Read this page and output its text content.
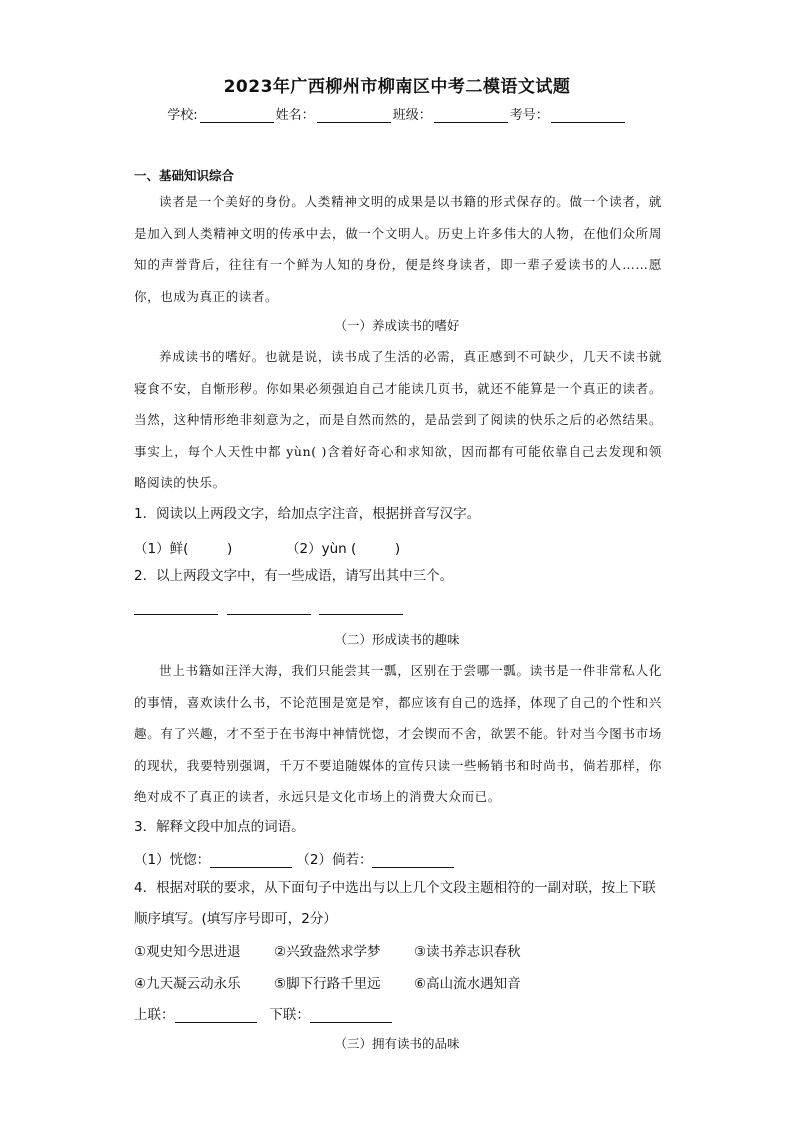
2023年广西柳州市柳南区中考二模语文试题
学校:	姓名：	班级：	考号：
一、基础知识综合
读者是一个美好的身份。人类精神文明的成果是以书籍的形式保存的。做一个读者，就是加入到人类精神文明的传承中去，做一个文明人。历史上许多伟大的人物，在他们众所周知的声誉背后，往往有一个鲜为人知的身份，便是终身读者，即一辈子爱读书的人……愿你，也成为真正的读者。
（一）养成读书的嗜好
养成读书的嗜好。也就是说，读书成了生活的必需，真正感到不可缺少，几天不读书就寝食不安，自惭形秽。你如果必须强迫自己才能读几页书，就还不能算是一个真正的读者。当然，这种情形绝非刻意为之，而是自然而然的，是品尝到了阅读的快乐之后的必然结果。事实上，每个人天性中都 yùn( )含着好奇心和求知欲，因而都有可能依靠自己去发现和领略阅读的快乐。
1．阅读以上两段文字，给加点字注音，根据拼音写汉字。
（1）鲜(         )	（2）yùn (         )
2．以上两段文字中，有一些成语，请写出其中三个。

（二）形成读书的趣味
世上书籍如汪洋大海，我们只能尝其一瓢，区别在于尝哪一瓢。读书是一件非常私人化的事情，喜欢读什么书，不论范围是宽是窄，都应该有自己的选择，体现了自己的个性和兴趣。有了兴趣，才不至于在书海中神情恍惚，才会锲而不舍，欲罢不能。针对当今图书市场的现状，我要特别强调，千万不要追随媒体的宣传只读一些畅销书和时尚书，倘若那样，你绝对成不了真正的读者，永远只是文化市场上的消费大众而已。
3．解释文段中加点的词语。
（1）恍惚：	（2）倘若：
4．根据对联的要求，从下面句子中选出与以上几个文段主题相符的一副对联，按上下联顺序填写。(填写序号即可，2分）
①观史知今思进退 ②兴致盎然求学梦 ③读书养志识春秋
④九天凝云动永乐 ⑤脚下行路千里远 ⑥高山流水遇知音
上联：	下联：
（三）拥有读书的品味
